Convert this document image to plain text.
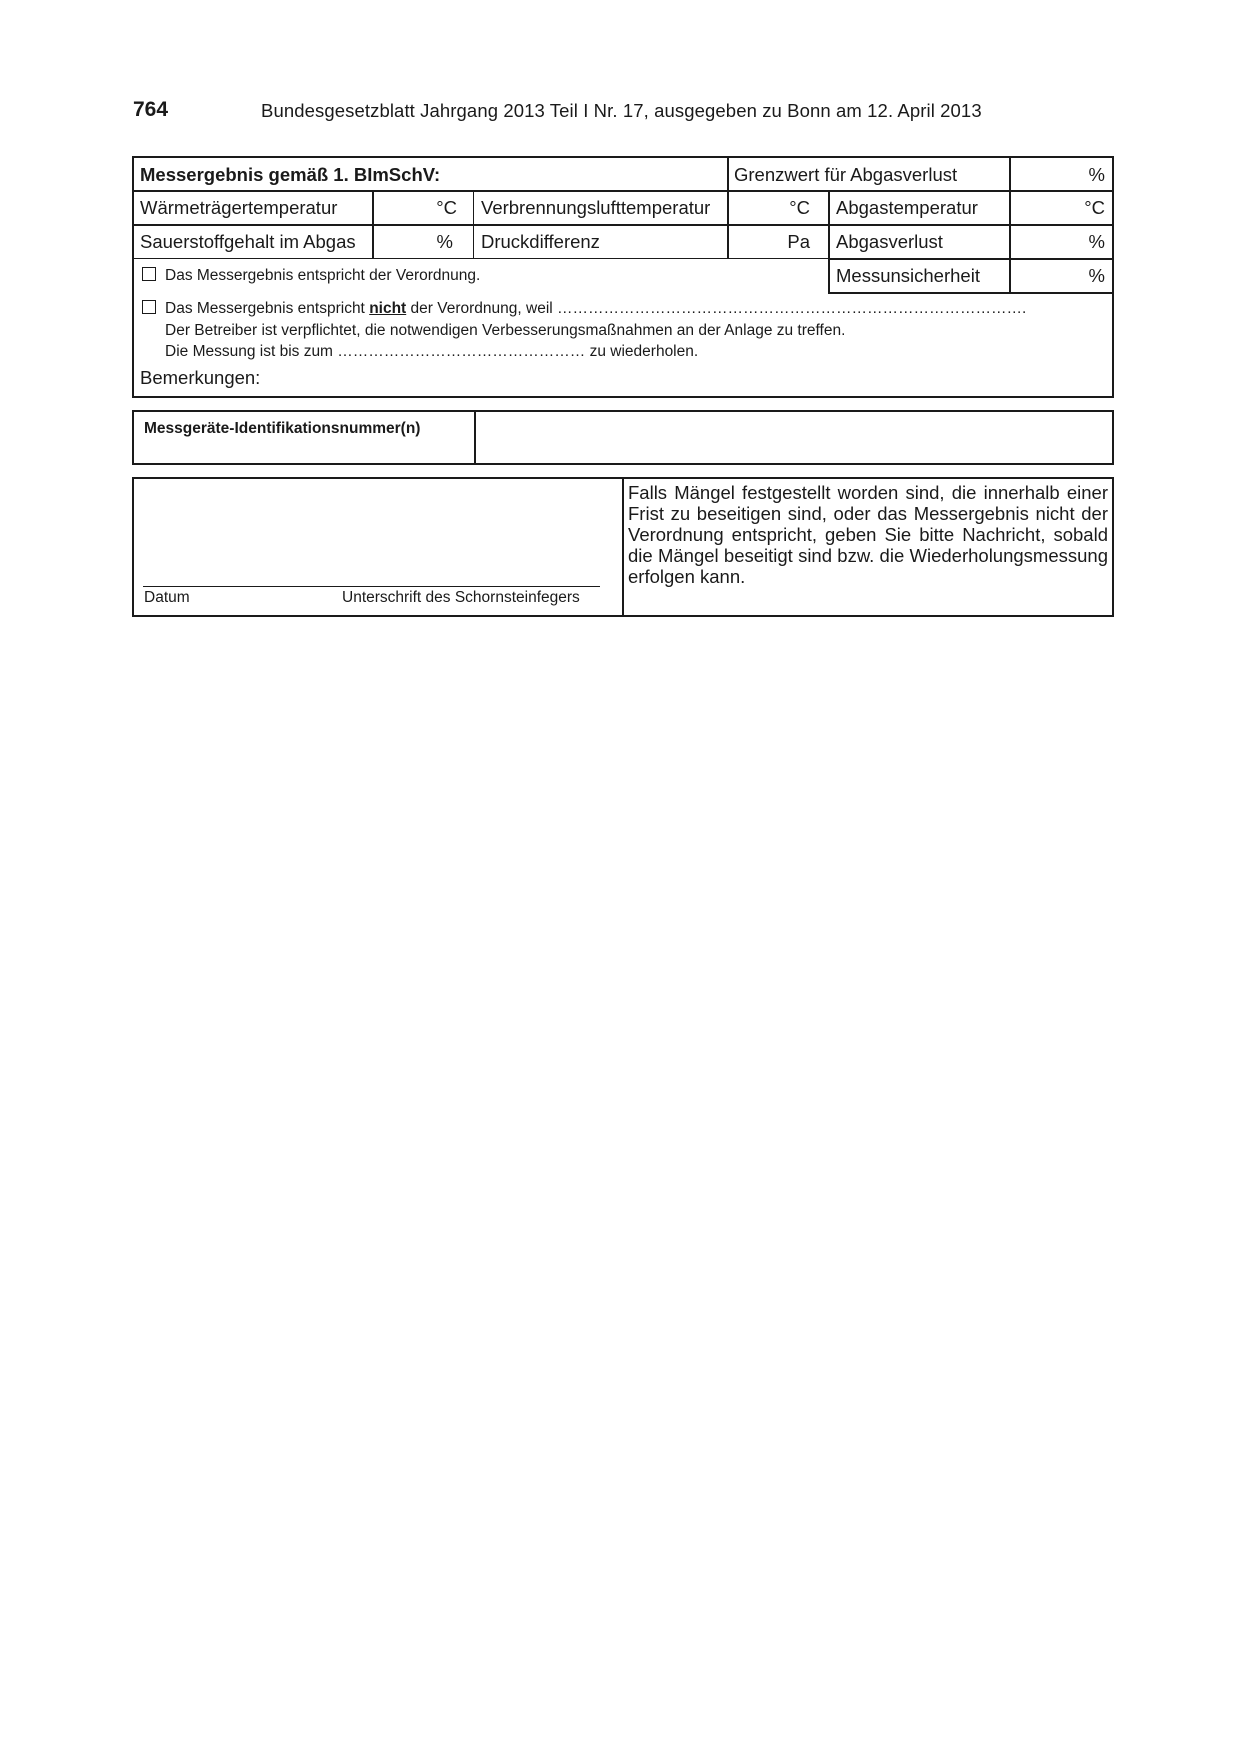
764	Bundesgesetzblatt Jahrgang 2013 Teil I Nr. 17, ausgegeben zu Bonn am 12. April 2013
Messergebnis gemäß 1. BImSchV:	Grenzwert für Abgasverlust	%
Wärmeträgertemperatur	°C Verbrennungslufttemperatur	°C Abgastemperatur	°C
Sauerstoffgehalt im Abgas	% Druckdifferenz	Pa Abgasverlust	%
Das Messergebnis entspricht der Verordnung.	Messunsicherheit	%
Das Messergebnis entspricht nicht der Verordnung, weil ……………………………………………………………………………….
Der Betreiber ist verpflichtet, die notwendigen Verbesserungsmaßnahmen an der Anlage zu treffen.
Die Messung ist bis zum ………………………………………… zu wiederholen.
Bemerkungen:
Messgeräte-Identifikationsnummer(n)
Datum	Unterschrift des Schornsteinfegers

Falls Mängel festgestellt worden sind, die innerhalb einer Frist zu beseitigen sind, oder das Messergebnis nicht der Verordnung entspricht, geben Sie bitte Nachricht, sobald die Mängel beseitigt sind bzw. die Wiederholungsmessung erfolgen kann.
